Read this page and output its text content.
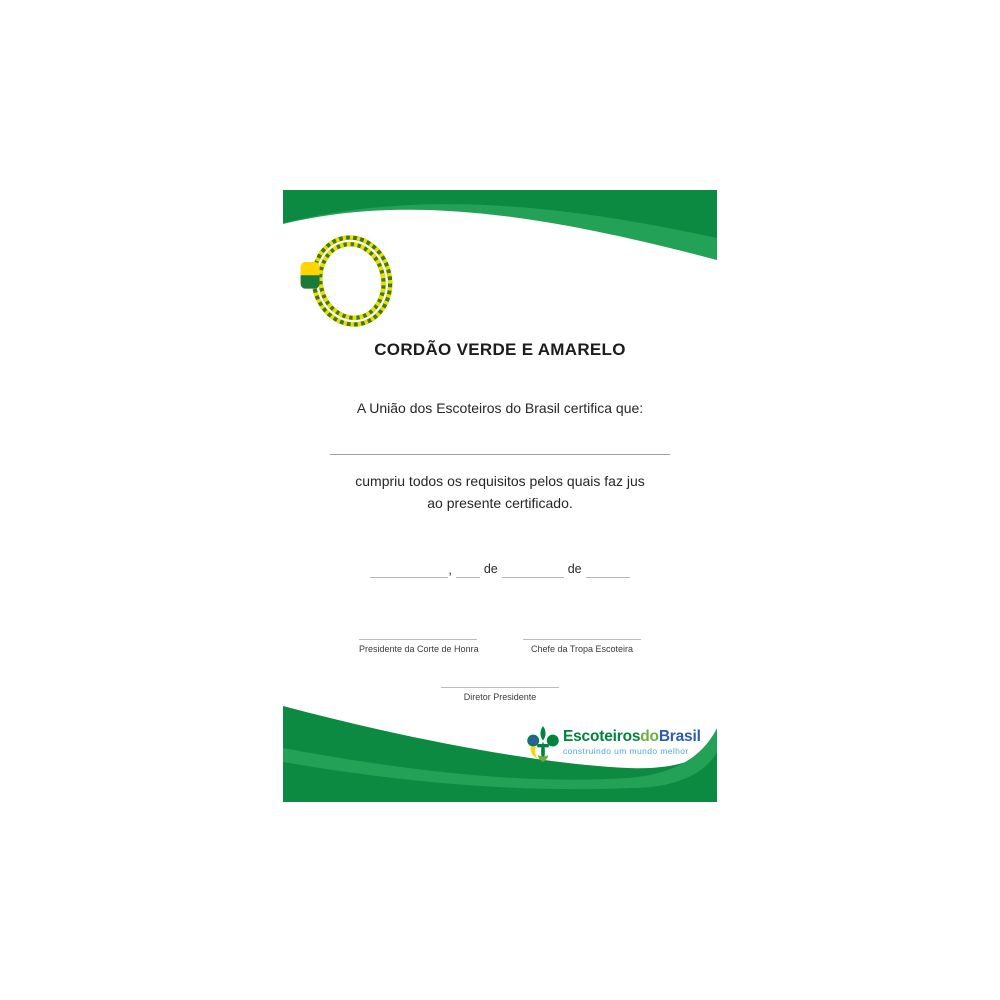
CORDÃO VERDE E AMARELO
A União dos Escoteiros do Brasil certifica que:
cumpriu todos os requisitos pelos quais faz jus
ao presente certificado.
,	de	de
Presidente da Corte de Honra	Chefe da Tropa Escoteira
Diretor Presidente
EscoteirosdoBrasil
construindo um mundo melhor
